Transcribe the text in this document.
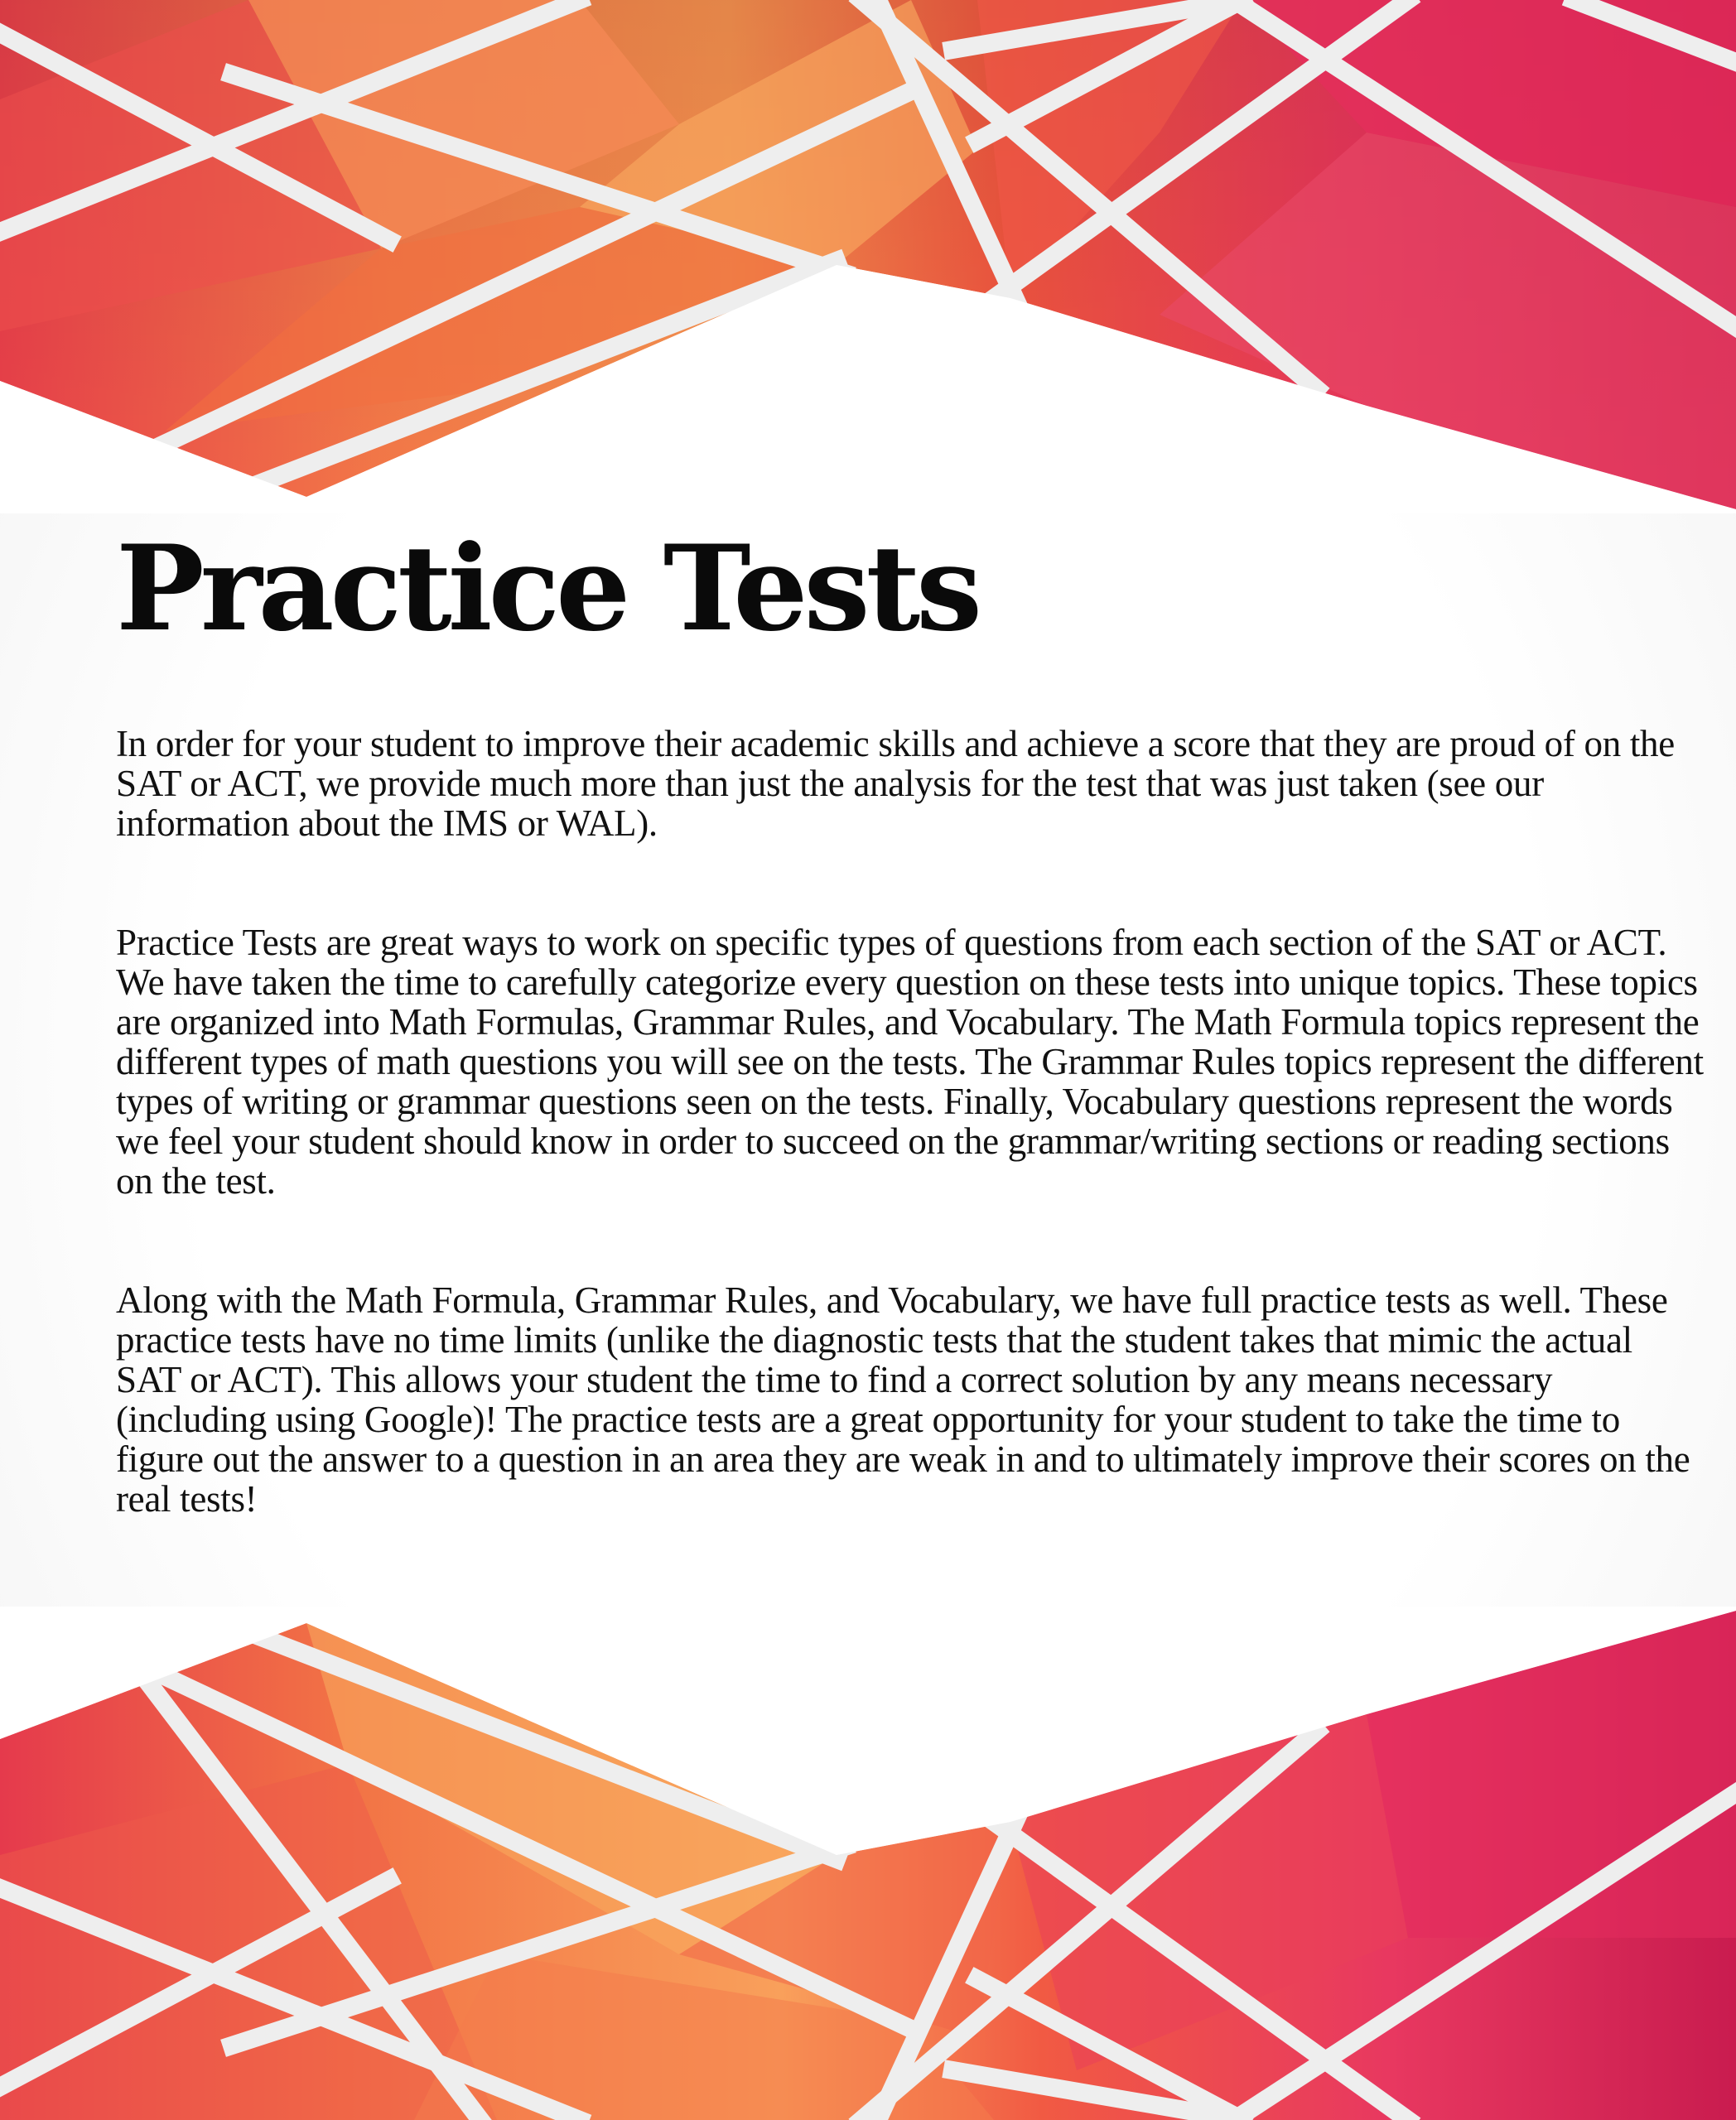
Practice Tests

In order for your student to improve their academic skills and achieve a score that they are proud of on the SAT or ACT, we provide much more than just the analysis for the test that was just taken (see our information about the IMS or WAL).

Practice Tests are great ways to work on specific types of questions from each section of the SAT or ACT. We have taken the time to carefully categorize every question on these tests into unique topics. These topics are organized into Math Formulas, Grammar Rules, and Vocabulary. The Math Formula topics represent the different types of math questions you will see on the tests. The Grammar Rules topics represent the different types of writing or grammar questions seen on the tests. Finally, Vocabulary questions represent the words we feel your student should know in order to succeed on the grammar/writing sections or reading sections on the test.

Along with the Math Formula, Grammar Rules, and Vocabulary, we have full practice tests as well. These practice tests have no time limits (unlike the diagnostic tests that the student takes that mimic the actual SAT or ACT). This allows your student the time to find a correct solution by any means necessary (including using Google)! The practice tests are a great opportunity for your student to take the time to figure out the answer to a question in an area they are weak in and to ultimately improve their scores on the real tests!
